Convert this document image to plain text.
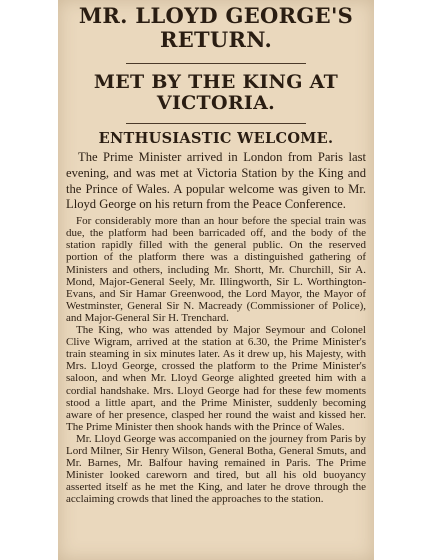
MR. LLOYD GEORGE'S
RETURN.
MET BY THE KING AT
VICTORIA.
ENTHUSIASTIC WELCOME.

The Prime Minister arrived in London from Paris last evening, and was met at Victoria Station by the King and the Prince of Wales. A popular welcome was given to Mr. Lloyd George on his return from the Peace Conference.

For considerably more than an hour before the special train was due, the platform had been barricaded off, and the body of the station rapidly filled with the general public. On the reserved portion of the platform there was a distinguished gathering of Ministers and others, including Mr. Shortt, Mr. Churchill, Sir A. Mond, Major-General Seely, Mr. Illingworth, Sir L. Worthington-Evans, and Sir Hamar Greenwood, the Lord Mayor, the Mayor of Westminster, General Sir N. Macready (Commissioner of Police), and Major-General Sir H. Trenchard.

The King, who was attended by Major Seymour and Colonel Clive Wigram, arrived at the station at 6.30, the Prime Minister's train steaming in six minutes later. As it drew up, his Majesty, with Mrs. Lloyd George, crossed the platform to the Prime Minister's saloon, and when Mr. Lloyd George alighted greeted him with a cordial handshake. Mrs. Lloyd George had for these few moments stood a little apart, and the Prime Minister, suddenly becoming aware of her presence, clasped her round the waist and kissed her. The Prime Minister then shook hands with the Prince of Wales.

Mr. Lloyd George was accompanied on the journey from Paris by Lord Milner, Sir Henry Wilson, General Botha, General Smuts, and Mr. Barnes, Mr. Balfour having remained in Paris. The Prime Minister looked careworn and tired, but all his old buoyancy asserted itself as he met the King, and later he drove through the acclaiming crowds that lined the approaches to the station.
